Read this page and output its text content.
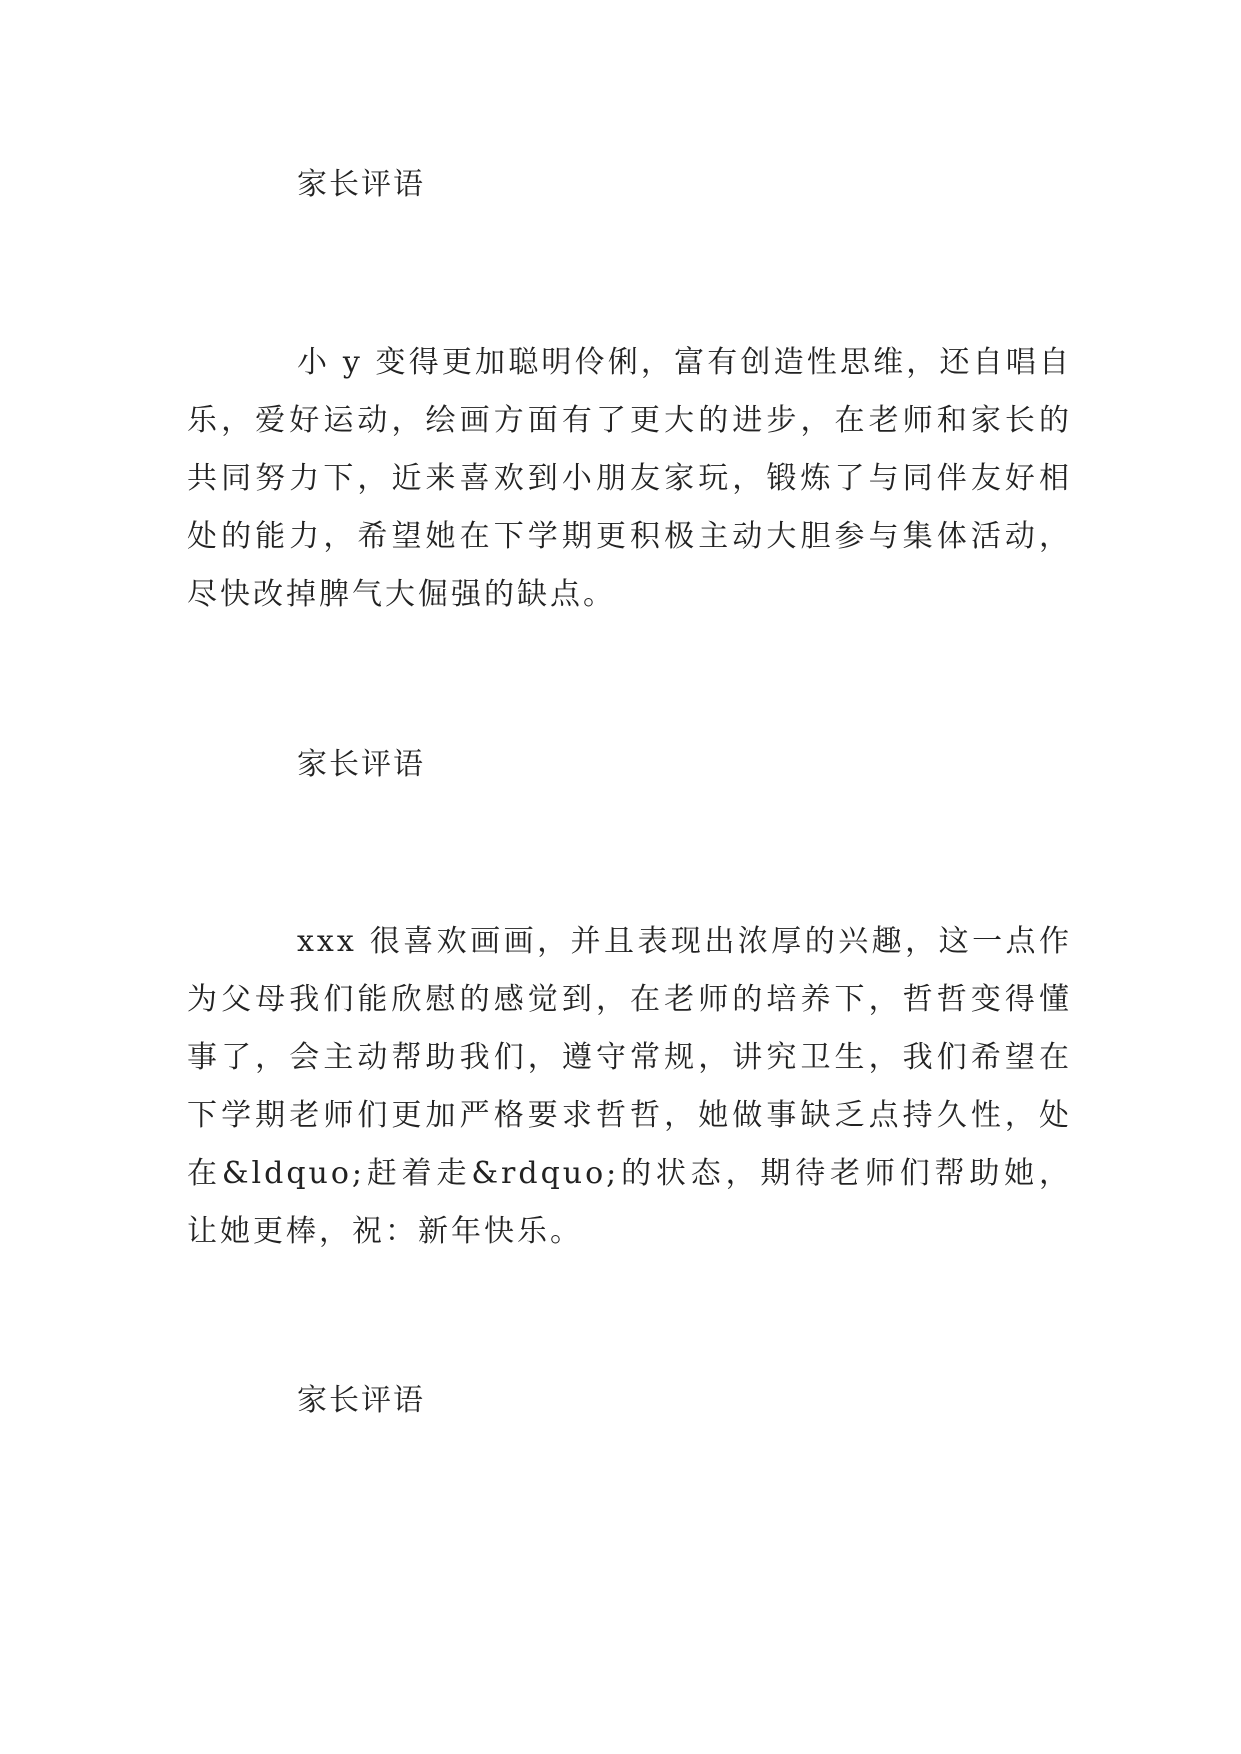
家长评语

小 y 变得更加聪明伶俐，富有创造性思维，还自唱自乐，爱好运动，绘画方面有了更大的进步，在老师和家长的共同努力下，近来喜欢到小朋友家玩，锻炼了与同伴友好相处的能力，希望她在下学期更积极主动大胆参与集体活动，尽快改掉脾气大倔强的缺点。

家长评语

xxx 很喜欢画画，并且表现出浓厚的兴趣，这一点作为父母我们能欣慰的感觉到，在老师的培养下，哲哲变得懂事了，会主动帮助我们，遵守常规，讲究卫生，我们希望在下学期老师们更加严格要求哲哲，她做事缺乏点持久性，处在&ldquo;赶着走&rdquo;的状态，期待老师们帮助她，让她更棒，祝：新年快乐。

家长评语
